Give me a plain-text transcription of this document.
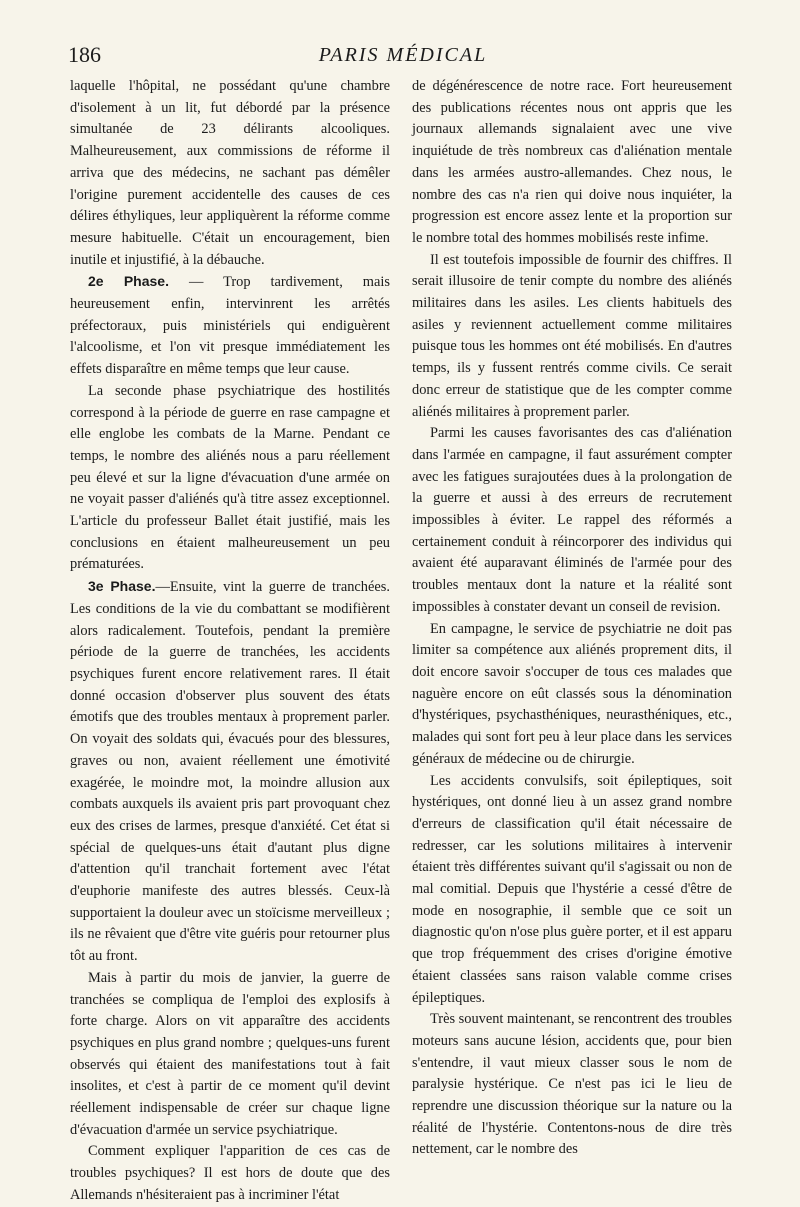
186	PARIS MÉDICAL

laquelle l'hôpital, ne possédant qu'une chambre d'isolement à un lit, fut débordé par la présence simultanée de 23 délirants alcooliques. Malheureusement, aux commissions de réforme il arriva que des médecins, ne sachant pas démêler l'origine purement accidentelle des causes de ces délires éthyliques, leur appliquèrent la réforme comme mesure habituelle. C'était un encouragement, bien inutile et injustifié, à la débauche.

2e Phase. — Trop tardivement, mais heureusement enfin, intervinrent les arrêtés préfectoraux, puis ministériels qui endiguèrent l'alcoolisme, et l'on vit presque immédiatement les effets disparaître en même temps que leur cause.

La seconde phase psychiatrique des hostilités correspond à la période de guerre en rase campagne et elle englobe les combats de la Marne. Pendant ce temps, le nombre des aliénés nous a paru réellement peu élevé et sur la ligne d'évacuation d'une armée on ne voyait passer d'aliénés qu'à titre assez exceptionnel. L'article du professeur Ballet était justifié, mais les conclusions en étaient malheureusement un peu prématurées.

3e Phase.—Ensuite, vint la guerre de tranchées. Les conditions de la vie du combattant se modifièrent alors radicalement. Toutefois, pendant la première période de la guerre de tranchées, les accidents psychiques furent encore relativement rares. Il était donné occasion d'observer plus souvent des états émotifs que des troubles mentaux à proprement parler. On voyait des soldats qui, évacués pour des blessures, graves ou non, avaient réellement une émotivité exagérée, le moindre mot, la moindre allusion aux combats auxquels ils avaient pris part provoquant chez eux des crises de larmes, presque d'anxiété. Cet état si spécial de quelques-uns était d'autant plus digne d'attention qu'il tranchait fortement avec l'état d'euphorie manifeste des autres blessés. Ceux-là supportaient la douleur avec un stoïcisme merveilleux ; ils ne rêvaient que d'être vite guéris pour retourner plus tôt au front.

Mais à partir du mois de janvier, la guerre de tranchées se compliqua de l'emploi des explosifs à forte charge. Alors on vit apparaître des accidents psychiques en plus grand nombre ; quelques-uns furent observés qui étaient des manifestations tout à fait insolites, et c'est à partir de ce moment qu'il devint réellement indispensable de créer sur chaque ligne d'évacuation d'armée un service psychiatrique.

Comment expliquer l'apparition de ces cas de troubles psychiques? Il est hors de doute que des Allemands n'hésiteraient pas à incriminer l'état

de dégénérescence de notre race. Fort heureusement des publications récentes nous ont appris que les journaux allemands signalaient avec une vive inquiétude de très nombreux cas d'aliénation mentale dans les armées austro-allemandes. Chez nous, le nombre des cas n'a rien qui doive nous inquiéter, la progression est encore assez lente et la proportion sur le nombre total des hommes mobilisés reste infime.

Il est toutefois impossible de fournir des chiffres. Il serait illusoire de tenir compte du nombre des aliénés militaires dans les asiles. Les clients habituels des asiles y reviennent actuellement comme militaires puisque tous les hommes ont été mobilisés. En d'autres temps, ils y fussent rentrés comme civils. Ce serait donc erreur de statistique que de les compter comme aliénés militaires à proprement parler.

Parmi les causes favorisantes des cas d'aliénation dans l'armée en campagne, il faut assurément compter avec les fatigues surajoutées dues à la prolongation de la guerre et aussi à des erreurs de recrutement impossibles à éviter. Le rappel des réformés a certainement conduit à réincorporer des individus qui avaient été auparavant éliminés de l'armée pour des troubles mentaux dont la nature et la réalité sont impossibles à constater devant un conseil de revision.

En campagne, le service de psychiatrie ne doit pas limiter sa compétence aux aliénés proprement dits, il doit encore savoir s'occuper de tous ces malades que naguère encore on eût classés sous la dénomination d'hystériques, psychasthéniques, neurasthéniques, etc., malades qui sont fort peu à leur place dans les services généraux de médecine ou de chirurgie.

Les accidents convulsifs, soit épileptiques, soit hystériques, ont donné lieu à un assez grand nombre d'erreurs de classification qu'il était nécessaire de redresser, car les solutions militaires à intervenir étaient très différentes suivant qu'il s'agissait ou non de mal comitial. Depuis que l'hystérie a cessé d'être de mode en nosographie, il semble que ce soit un diagnostic qu'on n'ose plus guère porter, et il est apparu que trop fréquemment des crises d'origine émotive étaient classées sans raison valable comme crises épileptiques.

Très souvent maintenant, se rencontrent des troubles moteurs sans aucune lésion, accidents que, pour bien s'entendre, il vaut mieux classer sous le nom de paralysie hystérique. Ce n'est pas ici le lieu de reprendre une discussion théorique sur la nature ou la réalité de l'hystérie. Contentons-nous de dire très nettement, car le nombre des
